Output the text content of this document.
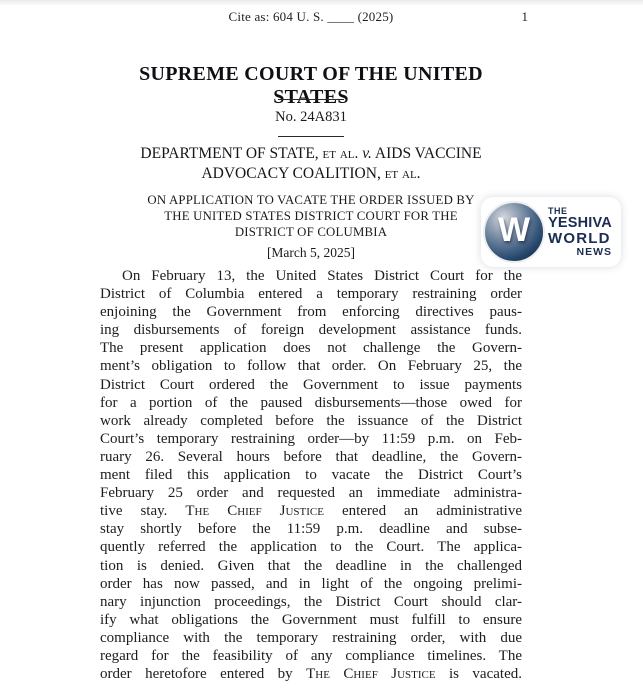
Cite as: 604 U. S. ____ (2025)	1
SUPREME COURT OF THE UNITED STATES
No. 24A831
DEPARTMENT OF STATE, et al. v. AIDS VACCINE
ADVOCACY COALITION, et al.
ON APPLICATION TO VACATE THE ORDER ISSUED BY
THE UNITED STATES DISTRICT COURT FOR THE
DISTRICT OF COLUMBIA
[March 5, 2025]
On February 13, the United States District Court for the
District of Columbia entered a temporary restraining order
enjoining the Government from enforcing directives paus-
ing disbursements of foreign development assistance funds.
The present application does not challenge the Govern-
ment’s obligation to follow that order. On February 25, the
District Court ordered the Government to issue payments
for a portion of the paused disbursements—those owed for
work already completed before the issuance of the District
Court’s temporary restraining order—by 11:59 p.m. on Feb-
ruary 26. Several hours before that deadline, the Govern-
ment filed this application to vacate the District Court’s
February 25 order and requested an immediate administra-
tive stay. The Chief Justice entered an administrative
stay shortly before the 11:59 p.m. deadline and subse-
quently referred the application to the Court. The applica-
tion is denied. Given that the deadline in the challenged
order has now passed, and in light of the ongoing prelimi-
nary injunction proceedings, the District Court should clar-
ify what obligations the Government must fulfill to ensure
compliance with the temporary restraining order, with due
regard for the feasibility of any compliance timelines. The
order heretofore entered by The Chief Justice is vacated.
W THE
YESHIVA
WORLD
NEWS
